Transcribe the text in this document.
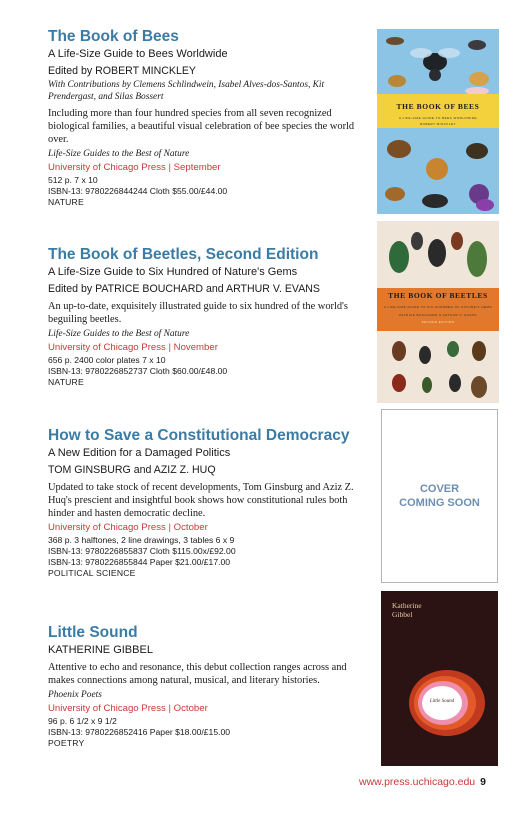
The Book of Bees

A Life-Size Guide to Bees Worldwide

Edited by ROBERT MINCKLEY

With Contributions by Clemens Schlindwein, Isabel Alves-dos-Santos, Kit Prendergast, and Silas Bossert

Including more than four hundred species from all seven recognized biological families, a beautiful visual celebration of bee species the world over.

Life-Size Guides to the Best of Nature

University of Chicago Press | September

512 p. 7 x 10

ISBN-13: 9780226844244 Cloth $55.00/£44.00

NATURE

THE BOOK OF BEES
A LIFE-SIZE GUIDE TO BEES WORLDWIDE
ROBERT MINCKLEY
The Book of Beetles, Second Edition

A Life-Size Guide to Six Hundred of Nature's Gems

Edited by PATRICE BOUCHARD and ARTHUR V. EVANS

An up-to-date, exquisitely illustrated guide to six hundred of the world's beguiling beetles.

Life-Size Guides to the Best of Nature

University of Chicago Press | November

656 p. 2400 color plates 7 x 10

ISBN-13: 9780226852737 Cloth $60.00/£48.00

NATURE

THE BOOK OF BEETLES
A LIFE-SIZE GUIDE TO SIX HUNDRED OF NATURE'S GEMS
PATRICE BOUCHARD & ARTHUR V. EVANS
SECOND EDITION
How to Save a Constitutional Democracy

A New Edition for a Damaged Politics

TOM GINSBURG and AZIZ Z. HUQ

Updated to take stock of recent developments, Tom Ginsburg and Aziz Z. Huq's prescient and insightful book shows how constitutional rules both hinder and hasten democratic decline.

University of Chicago Press | October

368 p. 3 halftones, 2 line drawings, 3 tables 6 x 9

ISBN-13: 9780226855837 Cloth $115.00x/£92.00

ISBN-13: 9780226855844 Paper $21.00/£17.00

POLITICAL SCIENCE

COVER
COMING SOON
Little Sound

KATHERINE GIBBEL

Attentive to echo and resonance, this debut collection ranges across and makes connections among natural, musical, and literary histories.

Phoenix Poets

University of Chicago Press | October

96 p. 6 1/2 x 9 1/2

ISBN-13: 9780226852416 Paper $18.00/£15.00

POETRY

Katherine
Gibbel
Little Sound
www.press.uchicago.edu 9
